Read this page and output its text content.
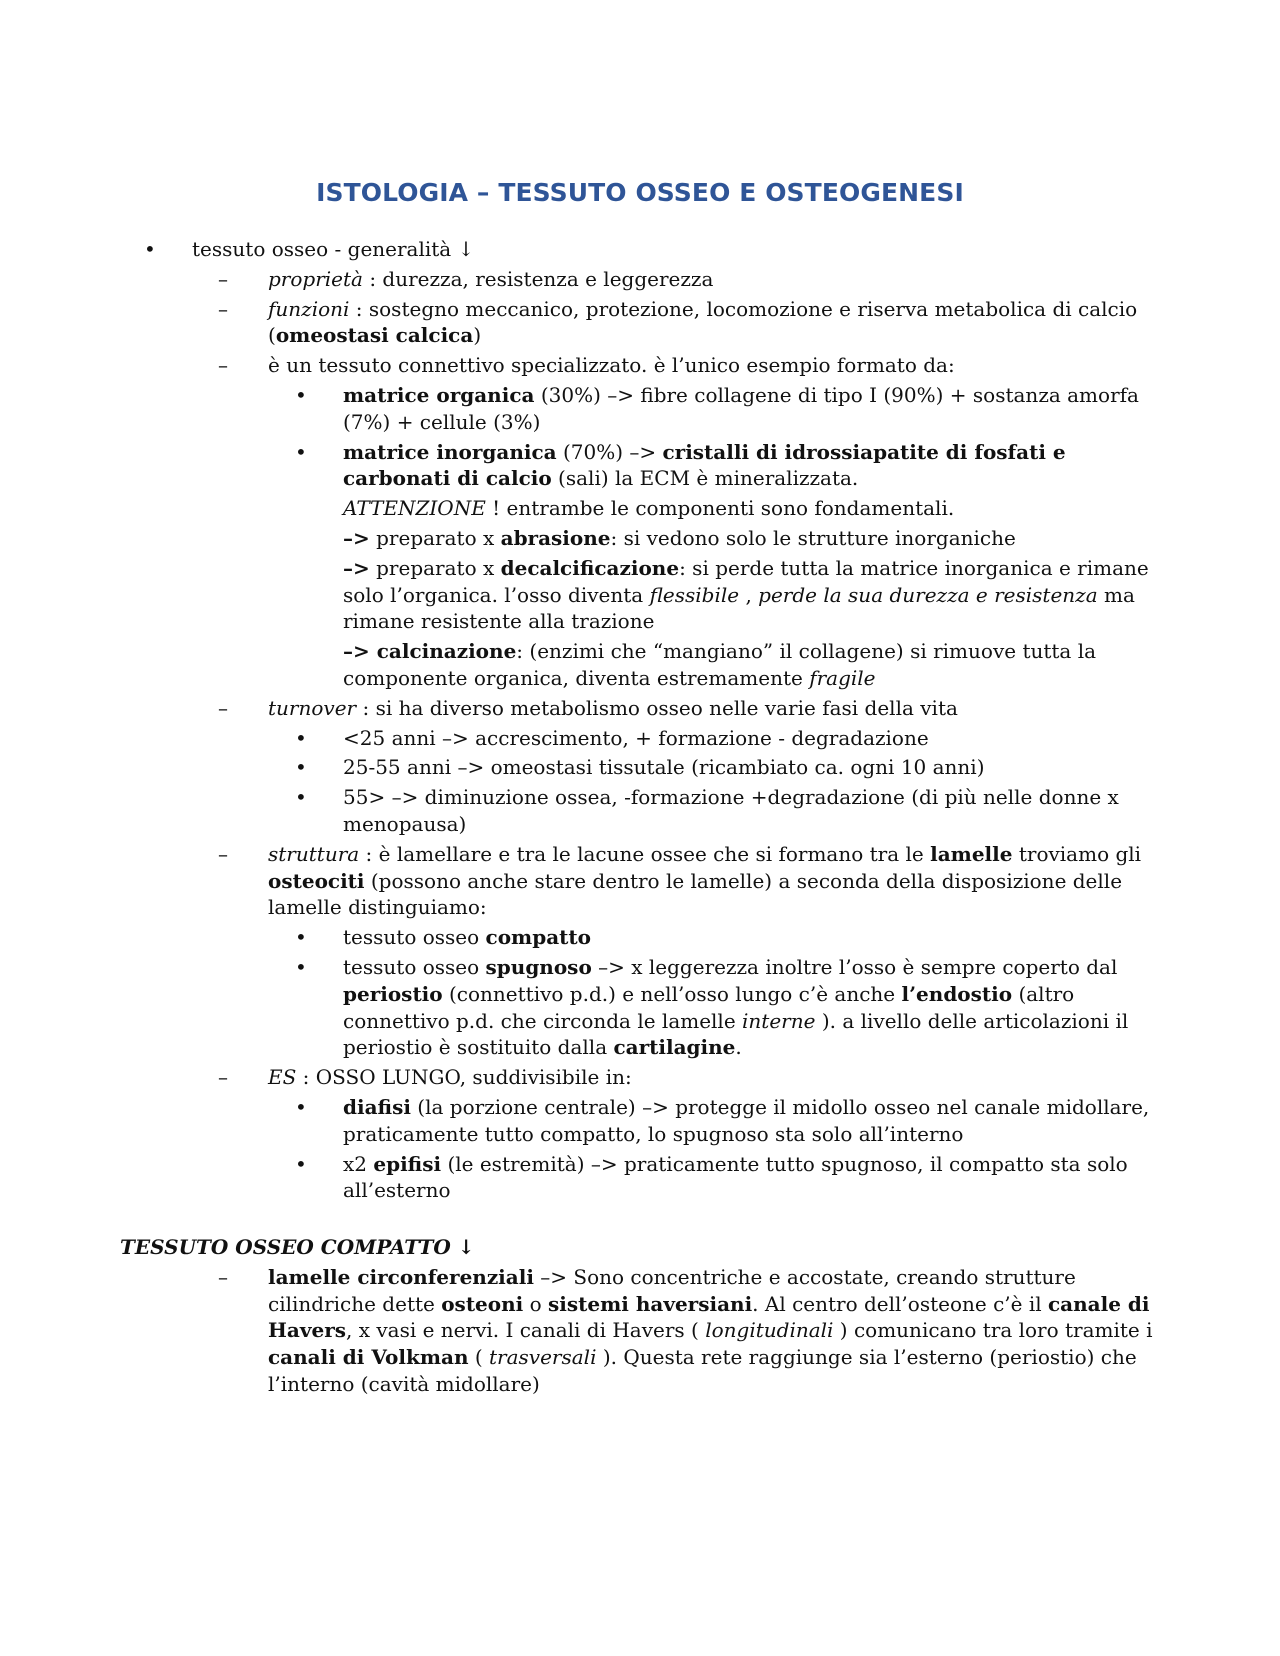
ISTOLOGIA – TESSUTO OSSEO E OSTEOGENESI
• tessuto osseo - generalità ↓
– proprietà : durezza, resistenza e leggerezza
– funzioni : sostegno meccanico, protezione, locomozione e riserva metabolica di calcio (omeostasi calcica)
– è un tessuto connettivo specializzato. è l’unico esempio formato da:
• matrice organica (30%) –> fibre collagene di tipo I (90%) + sostanza amorfa (7%) + cellule (3%)
• matrice inorganica (70%) –> cristalli di idrossiapatite di fosfati e carbonati di calcio (sali) la ECM è mineralizzata.
ATTENZIONE ! entrambe le componenti sono fondamentali.
–> preparato x abrasione: si vedono solo le strutture inorganiche
–> preparato x decalcificazione: si perde tutta la matrice inorganica e rimane solo l’organica. l’osso diventa flessibile , perde la sua durezza e resistenza ma rimane resistente alla trazione
–> calcinazione: (enzimi che “mangiano” il collagene) si rimuove tutta la componente organica, diventa estremamente fragile
– turnover : si ha diverso metabolismo osseo nelle varie fasi della vita
• <25 anni –> accrescimento, + formazione - degradazione
• 25-55 anni –> omeostasi tissutale (ricambiato ca. ogni 10 anni)
• 55> –> diminuzione ossea, -formazione +degradazione (di più nelle donne x menopausa)
– struttura : è lamellare e tra le lacune ossee che si formano tra le lamelle troviamo gli osteociti (possono anche stare dentro le lamelle) a seconda della disposizione delle lamelle distinguiamo:
• tessuto osseo compatto
• tessuto osseo spugnoso –> x leggerezza inoltre l’osso è sempre coperto dal periostio (connettivo p.d.) e nell’osso lungo c’è anche l’endostio (altro connettivo p.d. che circonda le lamelle interne ). a livello delle articolazioni il periostio è sostituito dalla cartilagine.
– ES : OSSO LUNGO, suddivisibile in:
• diafisi (la porzione centrale) –> protegge il midollo osseo nel canale midollare, praticamente tutto compatto, lo spugnoso sta solo all’interno
• x2 epifisi (le estremità) –> praticamente tutto spugnoso, il compatto sta solo all’esterno
TESSUTO OSSEO COMPATTO ↓
– lamelle circonferenziali –> Sono concentriche e accostate, creando strutture cilindriche dette osteoni o sistemi haversiani. Al centro dell’osteone c’è il canale di Havers, x vasi e nervi. I canali di Havers ( longitudinali ) comunicano tra loro tramite i canali di Volkman ( trasversali ). Questa rete raggiunge sia l’esterno (periostio) che l’interno (cavità midollare)
